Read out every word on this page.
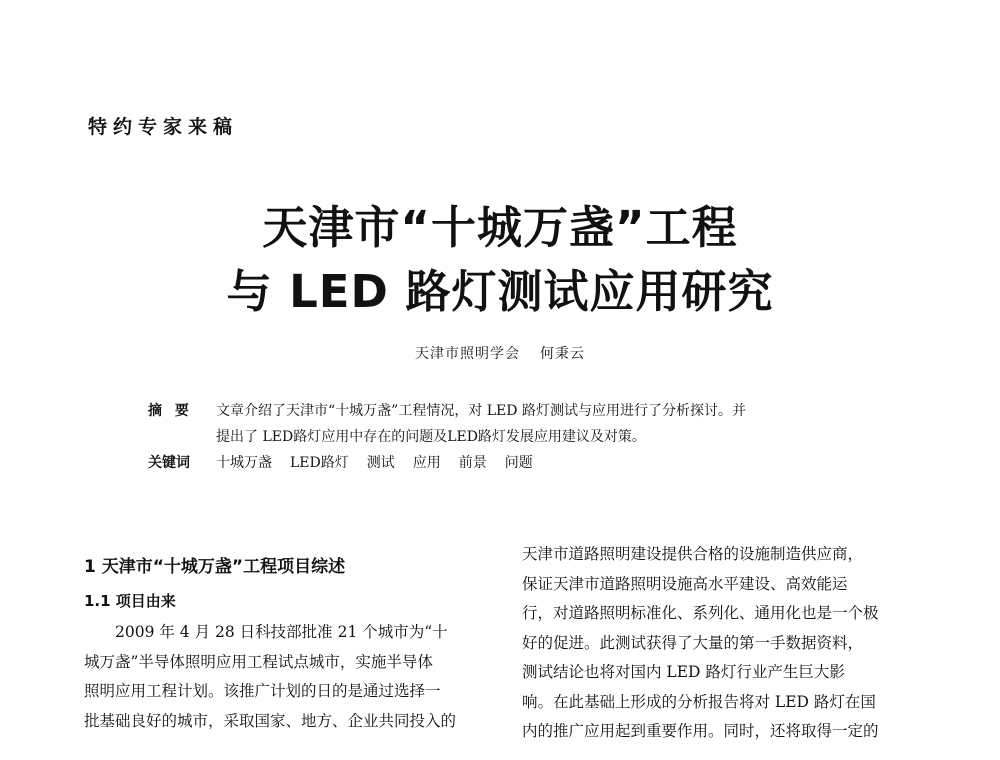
特约专家来稿
天津市“十城万盏”工程
与 LED 路灯测试应用研究
天津市照明学会 何秉云
摘 要	文章介绍了天津市“十城万盏”工程情况，对 LED 路灯测试与应用进行了分析探讨。并
提出了 LED路灯应用中存在的问题及LED路灯发展应用建议及对策。
关键词	十城万盏 LED路灯 测试 应用 前景 问题
1 天津市“十城万盏”工程项目综述
1.1 项目由来
2009 年 4 月 28 日科技部批准 21 个城市为“十
城万盏”半导体照明应用工程试点城市，实施半导体
照明应用工程计划。该推广计划的日的是通过选择一
批基础良好的城市，采取国家、地方、企业共同投入的
天津市道路照明建设提供合格的设施制造供应商，
保证天津市道路照明设施高水平建设、高效能运
行，对道路照明标准化、系列化、通用化也是一个极
好的促进。此测试获得了大量的第一手数据资料，
测试结论也将对国内 LED 路灯行业产生巨大影
响。在此基础上形成的分析报告将对 LED 路灯在国
内的推广应用起到重要作用。同时，还将取得一定的
